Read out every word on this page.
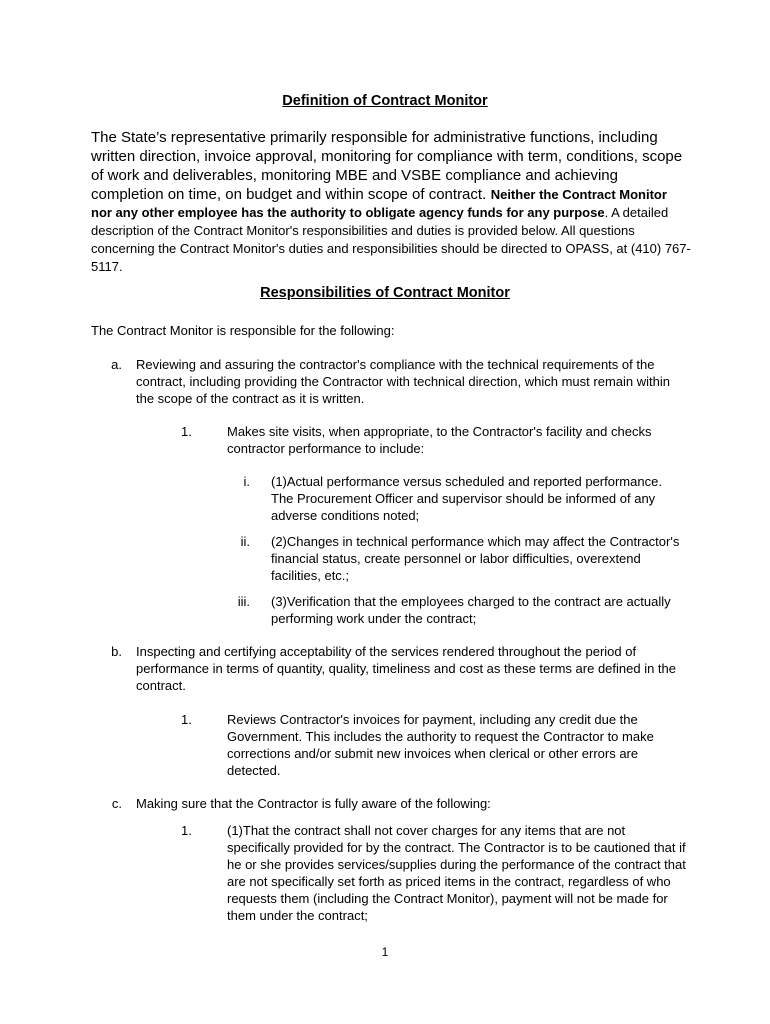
Definition of Contract Monitor
The State’s representative primarily responsible for administrative functions, including written direction, invoice approval, monitoring for compliance with term, conditions, scope of work and deliverables, monitoring MBE and VSBE compliance and achieving completion on time, on budget and within scope of contract. Neither the Contract Monitor nor any other employee has the authority to obligate agency funds for any purpose. A detailed description of the Contract Monitor's responsibilities and duties is provided below. All questions concerning the Contract Monitor's duties and responsibilities should be directed to OPASS, at (410) 767-5117.
Responsibilities of Contract Monitor
The Contract Monitor is responsible for the following:
a. Reviewing and assuring the contractor's compliance with the technical requirements of the contract, including providing the Contractor with technical direction, which must remain within the scope of the contract as it is written.
1.	Makes site visits, when appropriate, to the Contractor's facility and checks contractor performance to include:
i. (1)Actual performance versus scheduled and reported performance. The Procurement Officer and supervisor should be informed of any adverse conditions noted;
ii. (2)Changes in technical performance which may affect the Contractor's financial status, create personnel or labor difficulties, overextend facilities, etc.;
iii. (3)Verification that the employees charged to the contract are actually performing work under the contract;
b. Inspecting and certifying acceptability of the services rendered throughout the period of performance in terms of quantity, quality, timeliness and cost as these terms are defined in the contract.
1.	Reviews Contractor's invoices for payment, including any credit due the Government. This includes the authority to request the Contractor to make corrections and/or submit new invoices when clerical or other errors are detected.
c. Making sure that the Contractor is fully aware of the following:
1.	(1)That the contract shall not cover charges for any items that are not specifically provided for by the contract. The Contractor is to be cautioned that if he or she provides services/supplies during the performance of the contract that are not specifically set forth as priced items in the contract, regardless of who requests them (including the Contract Monitor), payment will not be made for them under the contract;
1
